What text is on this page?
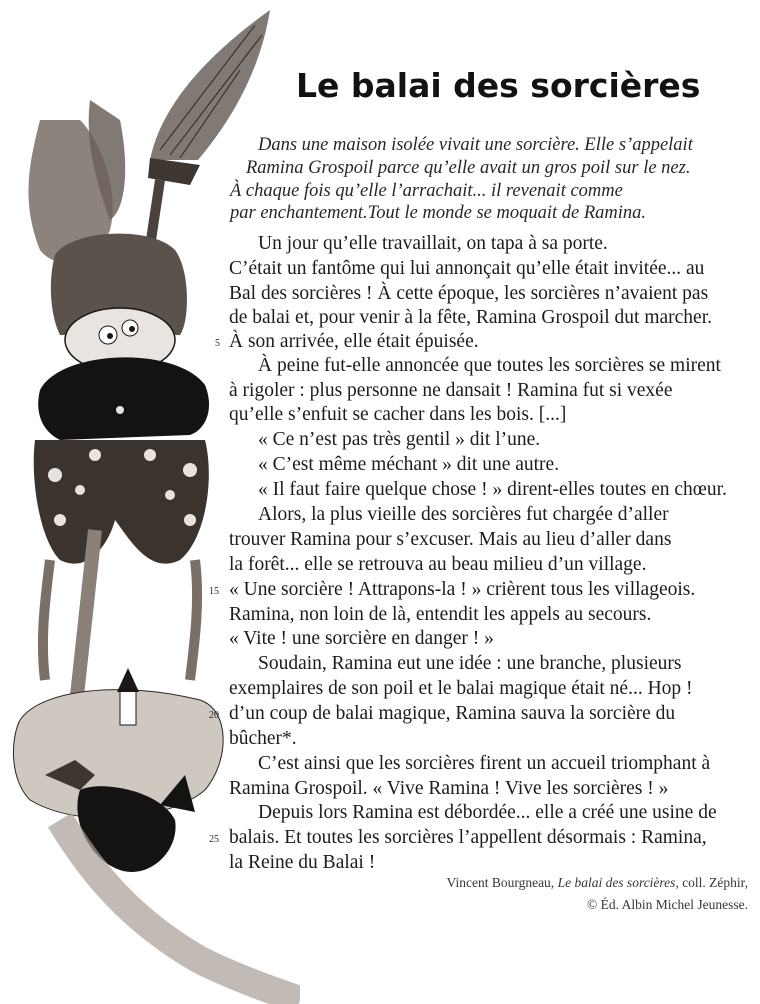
Le balai des sorcières
Dans une maison isolée vivait une sorcière. Elle s’appelait
Ramina Grospoil parce qu’elle avait un gros poil sur le nez.
À chaque fois qu’elle l’arrachait... il revenait comme
par enchantement.Tout le monde se moquait de Ramina.
Un jour qu’elle travaillait, on tapa à sa porte.
C’était un fantôme qui lui annonçait qu’elle était invitée... au
Bal des sorcières ! À cette époque, les sorcières n’avaient pas
de balai et, pour venir à la fête, Ramina Grospoil dut marcher.
À son arrivée, elle était épuisée.
5
À peine fut-elle annoncée que toutes les sorcières se mirent
à rigoler : plus personne ne dansait ! Ramina fut si vexée
qu’elle s’enfuit se cacher dans les bois. [...]
« Ce n’est pas très gentil » dit l’une.
« C’est même méchant » dit une autre.
« Il faut faire quelque chose ! » dirent-elles toutes en chœur.
Alors, la plus vieille des sorcières fut chargée d’aller
trouver Ramina pour s’excuser. Mais au lieu d’aller dans
la forêt... elle se retrouva au beau milieu d’un village.
« Une sorcière ! Attrapons-la ! » crièrent tous les villageois.
15
Ramina, non loin de là, entendit les appels au secours.
« Vite ! une sorcière en danger ! »
Soudain, Ramina eut une idée : une branche, plusieurs
exemplaires de son poil et le balai magique était né... Hop !
d’un coup de balai magique, Ramina sauva la sorcière du
20
bûcher*.
C’est ainsi que les sorcières firent un accueil triomphant à
Ramina Grospoil. « Vive Ramina ! Vive les sorcières ! »
Depuis lors Ramina est débordée... elle a créé une usine de
balais. Et toutes les sorcières l’appellent désormais : Ramina,
25
la Reine du Balai !
Vincent Bourgneau, Le balai des sorcières, coll. Zéphir,
© Éd. Albin Michel Jeunesse.
